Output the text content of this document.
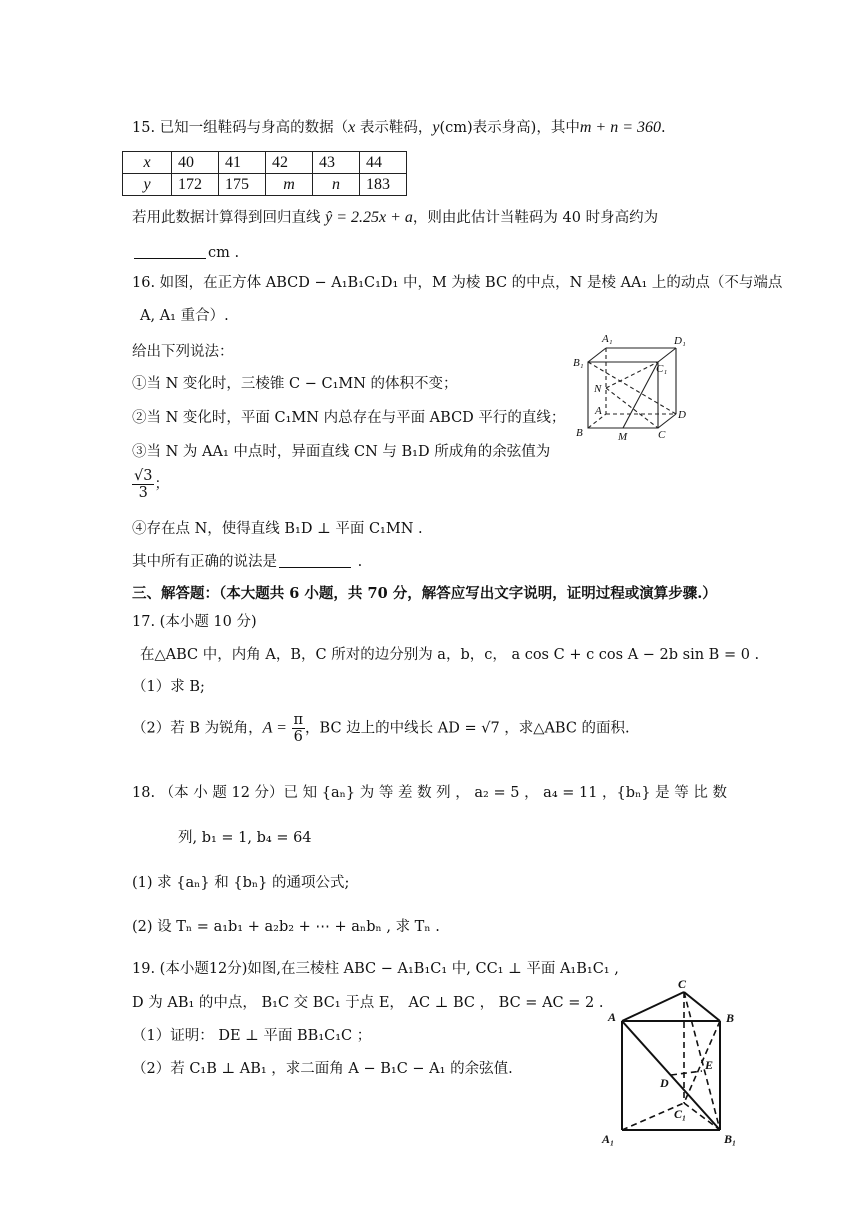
15. 已知一组鞋码与身高的数据（x 表示鞋码，y(cm)表示身高)，其中m + n = 360.
x	40	41	42	43	44
y	172	175	m	n	183
若用此数据计算得到回归直线 ŷ = 2.25x + a，则由此估计当鞋码为 40 时身高约为
cm .
16. 如图，在正方体 ABCD − A₁B₁C₁D₁ 中，M 为棱 BC 的中点，N 是棱 AA₁ 上的动点（不与端点
A, A₁ 重合）.
给出下列说法：
①当 N 变化时，三棱锥 C − C₁MN 的体积不变；
②当 N 变化时，平面 C₁MN 内总存在与平面 ABCD 平行的直线；
③当 N 为 AA₁ 中点时，异面直线 CN 与 B₁D 所成角的余弦值为
$\frac{√3}{3}$ ；
④存在点 N，使得直线 B₁D ⊥ 平面 C₁MN .
其中所有正确的说法是	.
A₁	D₁
B₁	C₁
N
A	D
B	M	C
三、解答题：（本大题共 6 小题，共 70 分，解答应写出文字说明，证明过程或演算步骤.）
17. (本小题 10 分)
在△ABC 中，内角 A，B，C 所对的边分别为 a，b，c， a cos C + c cos A − 2b sin B = 0 .
（1）求 B;
（2）若 B 为锐角，$A = \frac{\pi}{6}$ ，BC 边上的中线长 AD = √7 ，求△ABC 的面积.
18. （本 小 题 12 分）已 知 {aₙ} 为 等 差 数 列 ， a₂ = 5 ， a₄ = 11 ，{bₙ} 是 等 比 数
列, b₁ = 1, b₄ = 64
(1) 求 {aₙ} 和 {bₙ} 的通项公式;
(2) 设 Tₙ = a₁b₁ + a₂b₂ + ⋯ + aₙbₙ , 求 Tₙ .
19. (本小题12分)如图,在三棱柱 ABC − A₁B₁C₁ 中, CC₁ ⊥ 平面 A₁B₁C₁ ,
D 为 AB₁ 的中点， B₁C 交 BC₁ 于点 E， AC ⊥ BC ， BC = AC = 2 .
（1）证明： DE ⊥ 平面 BB₁C₁C ；
（2）若 C₁B ⊥ AB₁ ，求二面角 A − B₁C − A₁ 的余弦值.
C
A	B
E
D
C₁
A₁	B₁
